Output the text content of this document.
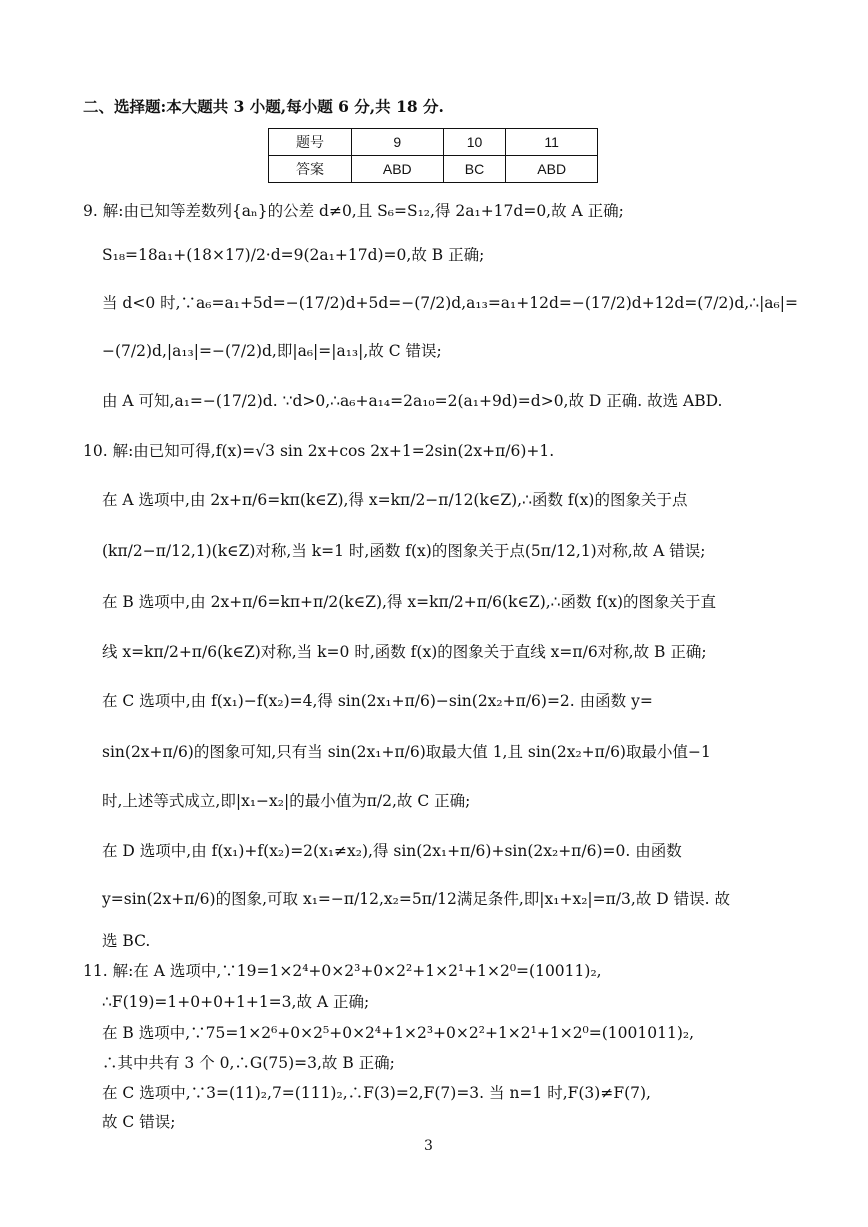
二、选择题:本大题共 3 小题,每小题 6 分,共 18 分.
题号	9	10	11
答案	ABD	BC	ABD
9. 解:由已知等差数列{aₙ}的公差 d≠0,且 S₆=S₁₂,得 2a₁+17d=0,故 A 正确;
S₁₈=18a₁+(18×17)/2·d=9(2a₁+17d)=0,故 B 正确;
当 d<0 时,∵a₆=a₁+5d=−(17/2)d+5d=−(7/2)d,a₁₃=a₁+12d=−(17/2)d+12d=(7/2)d,∴|a₆|=
−(7/2)d,|a₁₃|=−(7/2)d,即|a₆|=|a₁₃|,故 C 错误;
由 A 可知,a₁=−(17/2)d. ∵d>0,∴a₆+a₁₄=2a₁₀=2(a₁+9d)=d>0,故 D 正确. 故选 ABD.
10. 解:由已知可得,f(x)=√3 sin 2x+cos 2x+1=2sin(2x+π/6)+1.
在 A 选项中,由 2x+π/6=kπ(k∈Z),得 x=kπ/2−π/12(k∈Z),∴函数 f(x)的图象关于点
(kπ/2−π/12,1)(k∈Z)对称,当 k=1 时,函数 f(x)的图象关于点(5π/12,1)对称,故 A 错误;
在 B 选项中,由 2x+π/6=kπ+π/2(k∈Z),得 x=kπ/2+π/6(k∈Z),∴函数 f(x)的图象关于直
线 x=kπ/2+π/6(k∈Z)对称,当 k=0 时,函数 f(x)的图象关于直线 x=π/6对称,故 B 正确;
在 C 选项中,由 f(x₁)−f(x₂)=4,得 sin(2x₁+π/6)−sin(2x₂+π/6)=2. 由函数 y=
sin(2x+π/6)的图象可知,只有当 sin(2x₁+π/6)取最大值 1,且 sin(2x₂+π/6)取最小值−1
时,上述等式成立,即|x₁−x₂|的最小值为π/2,故 C 正确;
在 D 选项中,由 f(x₁)+f(x₂)=2(x₁≠x₂),得 sin(2x₁+π/6)+sin(2x₂+π/6)=0. 由函数
y=sin(2x+π/6)的图象,可取 x₁=−π/12,x₂=5π/12满足条件,即|x₁+x₂|=π/3,故 D 错误. 故
选 BC.
11. 解:在 A 选项中,∵19=1×2⁴+0×2³+0×2²+1×2¹+1×2⁰=(10011)₂,
∴F(19)=1+0+0+1+1=3,故 A 正确;
在 B 选项中,∵75=1×2⁶+0×2⁵+0×2⁴+1×2³+0×2²+1×2¹+1×2⁰=(1001011)₂,
∴其中共有 3 个 0,∴G(75)=3,故 B 正确;
在 C 选项中,∵3=(11)₂,7=(111)₂,∴F(3)=2,F(7)=3. 当 n=1 时,F(3)≠F(7),
故 C 错误;
3
